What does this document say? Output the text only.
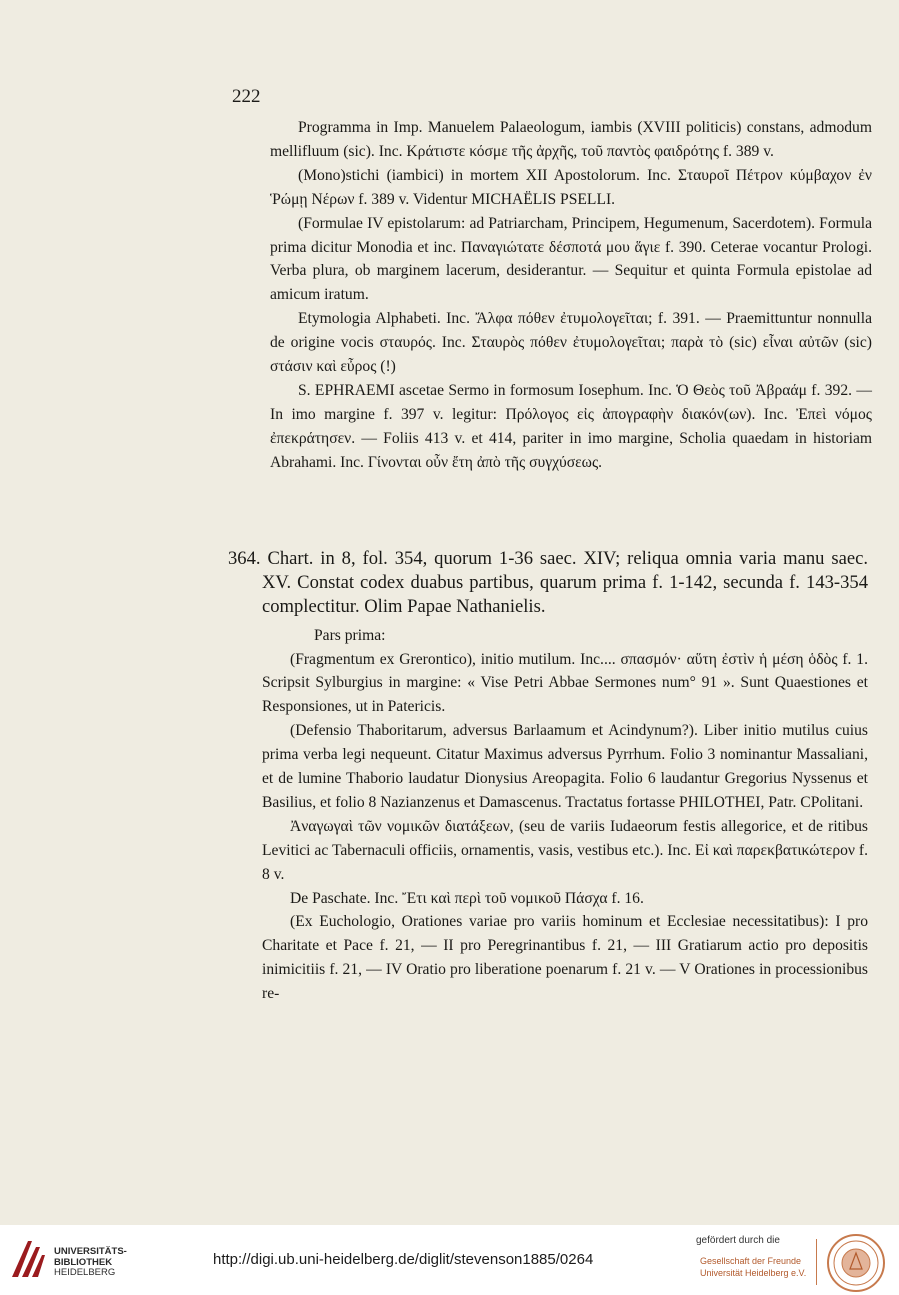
222

Programma in Imp. Manuelem Palaeologum, iambis (XVIII politicis) constans, admodum mellifluum (sic). Inc. Κράτιστε κόσμε τῆς ἀρχῆς, τοῦ παντὸς φαιδρότης f. 389 v.

(Mono)stichi (iambici) in mortem XII Apostolorum. Inc. Σταυροῖ Πέτρον κύμβαχον ἐν Ῥώμῃ Νέρων f. 389 v. Videntur MICHAËLIS PSELLI.

(Formulae IV epistolarum: ad Patriarcham, Principem, Hegumenum, Sacerdotem). Formula prima dicitur Monodia et inc. Παναγιώτατε δέσποτά μου ἅγιε f. 390. Ceterae vocantur Prologi. Verba plura, ob marginem lacerum, desiderantur. — Sequitur et quinta Formula epistolae ad amicum iratum.

Etymologia Alphabeti. Inc. Ἄλφα πόθεν ἐτυμολογεῖται; f. 391. — Praemittuntur nonnulla de origine vocis σταυρός. Inc. Σταυρὸς πόθεν ἐτυμολογεῖται; παρὰ τὸ (sic) εἶναι αὐτῶν (sic) στάσιν καὶ εὖρος (!)

S. EPHRAEMI ascetae Sermo in formosum Iosephum. Inc. Ὁ Θεὸς τοῦ Ἀβραάμ f. 392. — In imo margine f. 397 v. legitur: Πρόλογος εἰς ἀπογραφὴν διακόν(ων). Inc. Ἐπεὶ νόμος ἐπεκράτησεν. — Foliis 413 v. et 414, pariter in imo margine, Scholia quaedam in historiam Abrahami. Inc. Γίνονται οὖν ἔτη ἀπὸ τῆς συγχύσεως.

364. Chart. in 8, fol. 354, quorum 1-36 saec. XIV; reliqua omnia varia manu saec. XV. Constat codex duabus partibus, quarum prima f. 1-142, secunda f. 143-354 complectitur. Olim Papae Nathanielis.

Pars prima:

(Fragmentum ex Grerontico), initio mutilum. Inc.... σπασμόν· αὕτη ἐστὶν ἡ μέση ὁδὸς f. 1. Scripsit Sylburgius in margine: « Vise Petri Abbae Sermones num° 91 ». Sunt Quaestiones et Responsiones, ut in Patericis.

(Defensio Thaboritarum, adversus Barlaamum et Acindynum?). Liber initio mutilus cuius prima verba legi nequeunt. Citatur Maximus adversus Pyrrhum. Folio 3 nominantur Massaliani, et de lumine Thaborio laudatur Dionysius Areopagita. Folio 6 laudantur Gregorius Nyssenus et Basilius, et folio 8 Nazianzenus et Damascenus. Tractatus fortasse PHILOTHEI, Patr. CPolitani.

Ἀναγωγαὶ τῶν νομικῶν διατάξεων, (seu de variis Iudaeorum festis allegorice, et de ritibus Levitici ac Tabernaculi officiis, ornamentis, vasis, vestibus etc.). Inc. Εἰ καὶ παρεκβατικώτερον f. 8 v.

De Paschate. Inc. Ἔτι καὶ περὶ τοῦ νομικοῦ Πάσχα f. 16.

(Ex Euchologio, Orationes variae pro variis hominum et Ecclesiae necessitatibus): I pro Charitate et Pace f. 21, — II pro Peregrinantibus f. 21, — III Gratiarum actio pro depositis inimicitiis f. 21, — IV Oratio pro liberatione poenarum f. 21 v. — V Orationes in processionibus re-

UNIVERSITÄTS-
BIBLIOTHEK
HEIDELBERG
http://digi.ub.uni-heidelberg.de/diglit/stevenson1885/0264
gefördert durch die
Gesellschaft der Freunde
Universität Heidelberg e.V.
